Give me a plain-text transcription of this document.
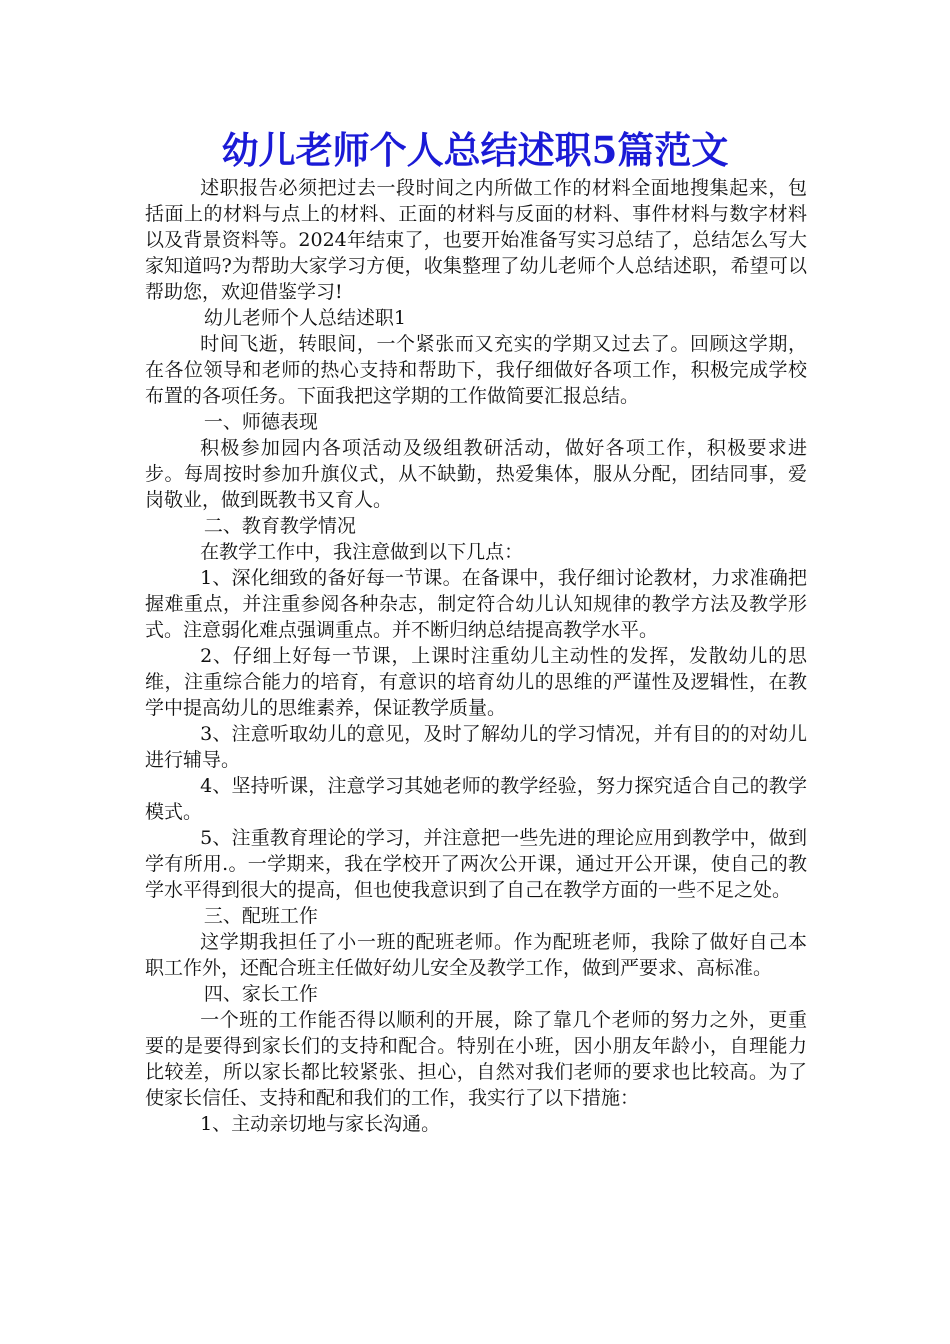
幼儿老师个人总结述职5篇范文

述职报告必须把过去一段时间之内所做工作的材料全面地搜集起来，包括面上的材料与点上的材料、正面的材料与反面的材料、事件材料与数字材料以及背景资料等。2024年结束了，也要开始准备写实习总结了，总结怎么写大家知道吗?为帮助大家学习方便，收集整理了幼儿老师个人总结述职，希望可以帮助您，欢迎借鉴学习!

幼儿老师个人总结述职1

时间飞逝，转眼间，一个紧张而又充实的学期又过去了。回顾这学期，在各位领导和老师的热心支持和帮助下，我仔细做好各项工作，积极完成学校布置的各项任务。下面我把这学期的工作做简要汇报总结。

一、师德表现

积极参加园内各项活动及级组教研活动，做好各项工作，积极要求进步。每周按时参加升旗仪式，从不缺勤，热爱集体，服从分配，团结同事，爱岗敬业，做到既教书又育人。

二、教育教学情况

在教学工作中，我注意做到以下几点：

1、深化细致的备好每一节课。在备课中，我仔细讨论教材，力求准确把握难重点，并注重参阅各种杂志，制定符合幼儿认知规律的教学方法及教学形式。注意弱化难点强调重点。并不断归纳总结提高教学水平。

2、仔细上好每一节课，上课时注重幼儿主动性的发挥，发散幼儿的思维，注重综合能力的培育，有意识的培育幼儿的思维的严谨性及逻辑性，在教学中提高幼儿的思维素养，保证教学质量。

3、注意听取幼儿的意见，及时了解幼儿的学习情况，并有目的的对幼儿进行辅导。

4、坚持听课，注意学习其她老师的教学经验，努力探究适合自己的教学模式。

5、注重教育理论的学习，并注意把一些先进的理论应用到教学中，做到学有所用.。一学期来，我在学校开了两次公开课，通过开公开课，使自己的教学水平得到很大的提高，但也使我意识到了自己在教学方面的一些不足之处。

三、配班工作

这学期我担任了小一班的配班老师。作为配班老师，我除了做好自己本职工作外，还配合班主任做好幼儿安全及教学工作，做到严要求、高标准。

四、家长工作

一个班的工作能否得以顺利的开展，除了靠几个老师的努力之外，更重要的是要得到家长们的支持和配合。特别在小班，因小朋友年龄小，自理能力比较差，所以家长都比较紧张、担心，自然对我们老师的要求也比较高。为了使家长信任、支持和配和我们的工作，我实行了以下措施：

1、主动亲切地与家长沟通。
